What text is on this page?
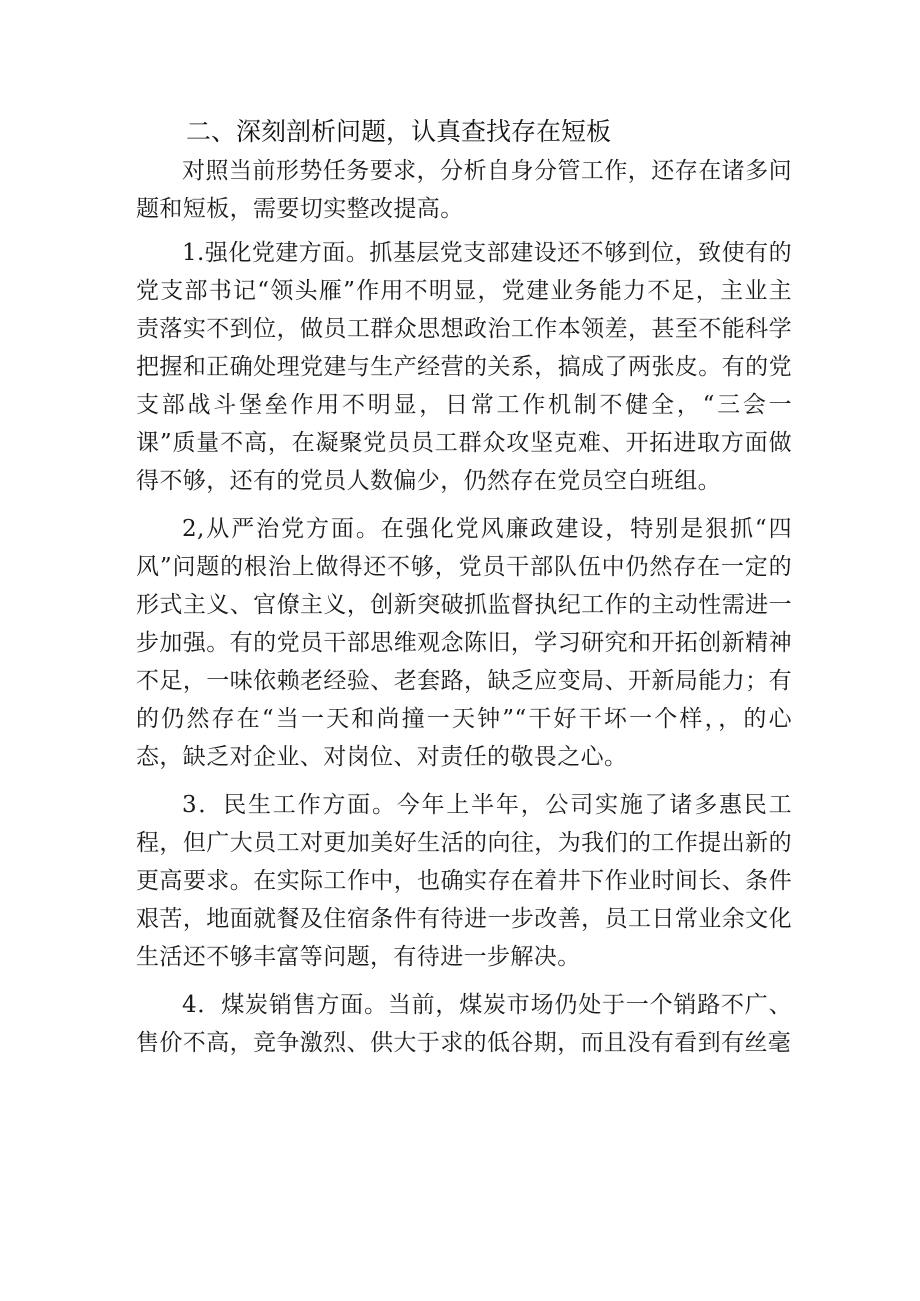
二、深刻剖析问题，认真查找存在短板

对照当前形势任务要求，分析自身分管工作，还存在诸多问题和短板，需要切实整改提高。

1.强化党建方面。抓基层党支部建设还不够到位，致使有的党支部书记“领头雁”作用不明显，党建业务能力不足，主业主责落实不到位，做员工群众思想政治工作本领差，甚至不能科学把握和正确处理党建与生产经营的关系，搞成了两张皮。有的党支部战斗堡垒作用不明显，日常工作机制不健全，“三会一课”质量不高，在凝聚党员员工群众攻坚克难、开拓进取方面做得不够，还有的党员人数偏少，仍然存在党员空白班组。

2,从严治党方面。在强化党风廉政建设，特别是狠抓“四风”问题的根治上做得还不够，党员干部队伍中仍然存在一定的形式主义、官僚主义，创新突破抓监督执纪工作的主动性需进一步加强。有的党员干部思维观念陈旧，学习研究和开拓创新精神不足，一味依赖老经验、老套路，缺乏应变局、开新局能力；有的仍然存在“当一天和尚撞一天钟”“干好干坏一个样，，的心态，缺乏对企业、对岗位、对责任的敬畏之心。

3．民生工作方面。今年上半年，公司实施了诸多惠民工程，但广大员工对更加美好生活的向往，为我们的工作提出新的更高要求。在实际工作中，也确实存在着井下作业时间长、条件艰苦，地面就餐及住宿条件有待进一步改善，员工日常业余文化生活还不够丰富等问题，有待进一步解决。

4．煤炭销售方面。当前，煤炭市场仍处于一个销路不广、售价不高，竞争激烈、供大于求的低谷期，而且没有看到有丝毫
